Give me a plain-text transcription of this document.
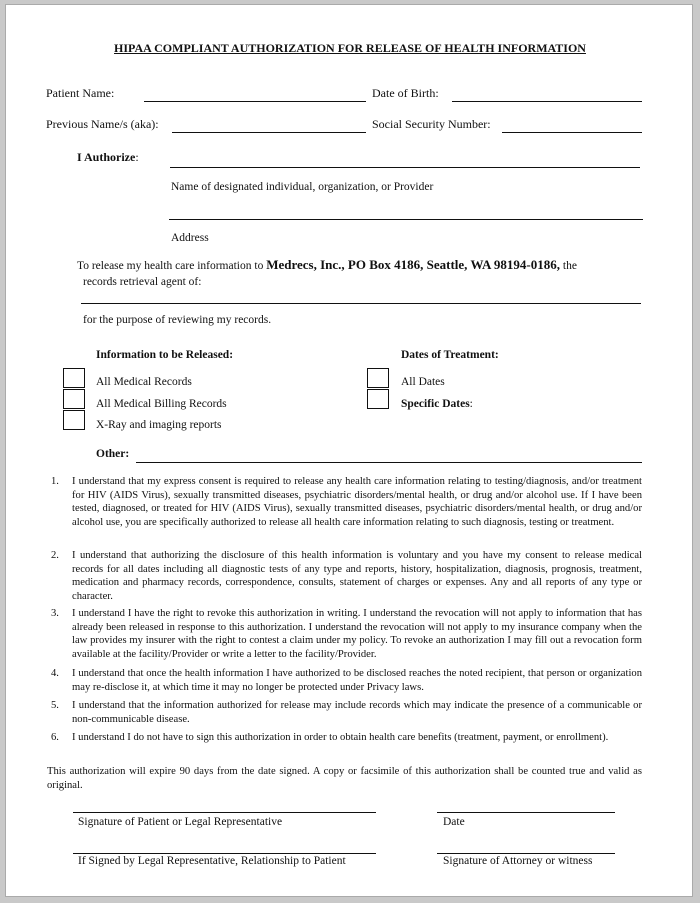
HIPAA COMPLIANT AUTHORIZATION FOR RELEASE OF HEALTH INFORMATION
Patient Name:	Date of Birth:
Previous Name/s (aka):	Social Security Number:
I Authorize:
Name of designated individual, organization, or Provider
Address
To release my health care information to Medrecs, Inc., PO Box 4186, Seattle, WA 98194-0186, the
records retrieval agent of:
for the purpose of reviewing my records.
Information to be Released:
All Medical Records
All Medical Billing Records
X-Ray and imaging reports
Dates of Treatment:
All Dates
Specific Dates:
Other:
1. I understand that my express consent is required to release any health care information relating to testing/diagnosis, and/or treatment for HIV (AIDS Virus), sexually transmitted diseases, psychiatric disorders/mental health, or drug and/or alcohol use. If I have been tested, diagnosed, or treated for HIV (AIDS Virus), sexually transmitted diseases, psychiatric disorders/mental health, or drug and/or alcohol use, you are specifically authorized to release all health care information relating to such diagnosis, testing or treatment.
2. I understand that authorizing the disclosure of this health information is voluntary and you have my consent to release medical records for all dates including all diagnostic tests of any type and reports, history, hospitalization, diagnosis, prognosis, treatment, medication and pharmacy records, correspondence, consults, statement of charges or expenses. Any and all reports of any type or character.
3. I understand I have the right to revoke this authorization in writing. I understand the revocation will not apply to information that has already been released in response to this authorization. I understand the revocation will not apply to my insurance company when the law provides my insurer with the right to contest a claim under my policy. To revoke an authorization I may fill out a revocation form available at the facility/Provider or write a letter to the facility/Provider.
4. I understand that once the health information I have authorized to be disclosed reaches the noted recipient, that person or organization may re-disclose it, at which time it may no longer be protected under Privacy laws.
5. I understand that the information authorized for release may include records which may indicate the presence of a communicable or non-communicable disease.
6. I understand I do not have to sign this authorization in order to obtain health care benefits (treatment, payment, or enrollment).
This authorization will expire 90 days from the date signed. A copy or facsimile of this authorization shall be counted true and valid as original.
Signature of Patient or Legal Representative	Date
If Signed by Legal Representative, Relationship to Patient	Signature of Attorney or witness
